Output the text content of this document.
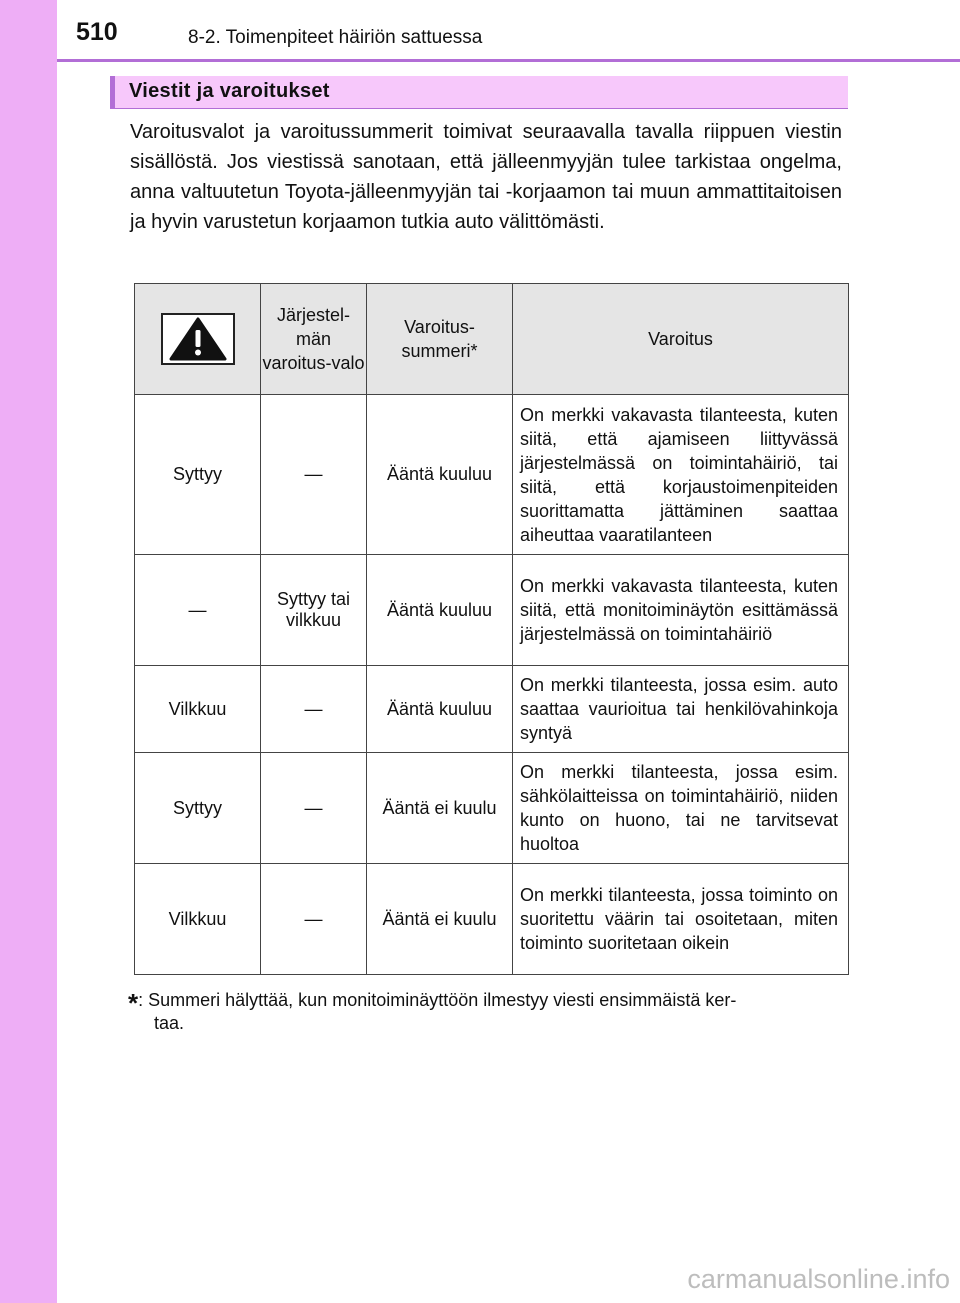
510	8-2. Toimenpiteet häiriön sattuessa
Viestit ja varoitukset

Varoitusvalot ja varoitussummerit toimivat seuraavalla tavalla riippuen viestin sisällöstä. Jos viestissä sanotaan, että jälleenmyyjän tulee tarkistaa ongelma, anna valtuutetun Toyota-jälleenmyyjän tai -korjaamon tai muun ammattitaitoisen ja hyvin varustetun korjaamon tutkia auto välittömästi.

	Järjestel-män varoitus-valo	Varoitus-summeri*	Varoitus
Syttyy	—	Ääntä kuuluu	On merkki vakavasta tilanteesta, kuten siitä, että ajamiseen liittyvässä järjestelmässä on toimintahäiriö, tai siitä, että korjaustoimenpiteiden suorittamatta jättäminen saattaa aiheuttaa vaaratilanteen
—	Syttyy tai vilkkuu	Ääntä kuuluu	On merkki vakavasta tilanteesta, kuten siitä, että monitoiminäytön esittämässä järjestelmässä on toimintahäiriö
Vilkkuu	—	Ääntä kuuluu	On merkki tilanteesta, jossa esim. auto saattaa vaurioitua tai henkilövahinkoja syntyä
Syttyy	—	Ääntä ei kuulu	On merkki tilanteesta, jossa esim. sähkölaitteissa on toimintahäiriö, niiden kunto on huono, tai ne tarvitsevat huoltoa
Vilkkuu	—	Ääntä ei kuulu	On merkki tilanteesta, jossa toiminto on suoritettu väärin tai osoitetaan, miten toiminto suoritetaan oikein
*: Summeri hälyttää, kun monitoiminäyttöön ilmestyy viesti ensimmäistä ker-
taa.
carmanualsonline.info
